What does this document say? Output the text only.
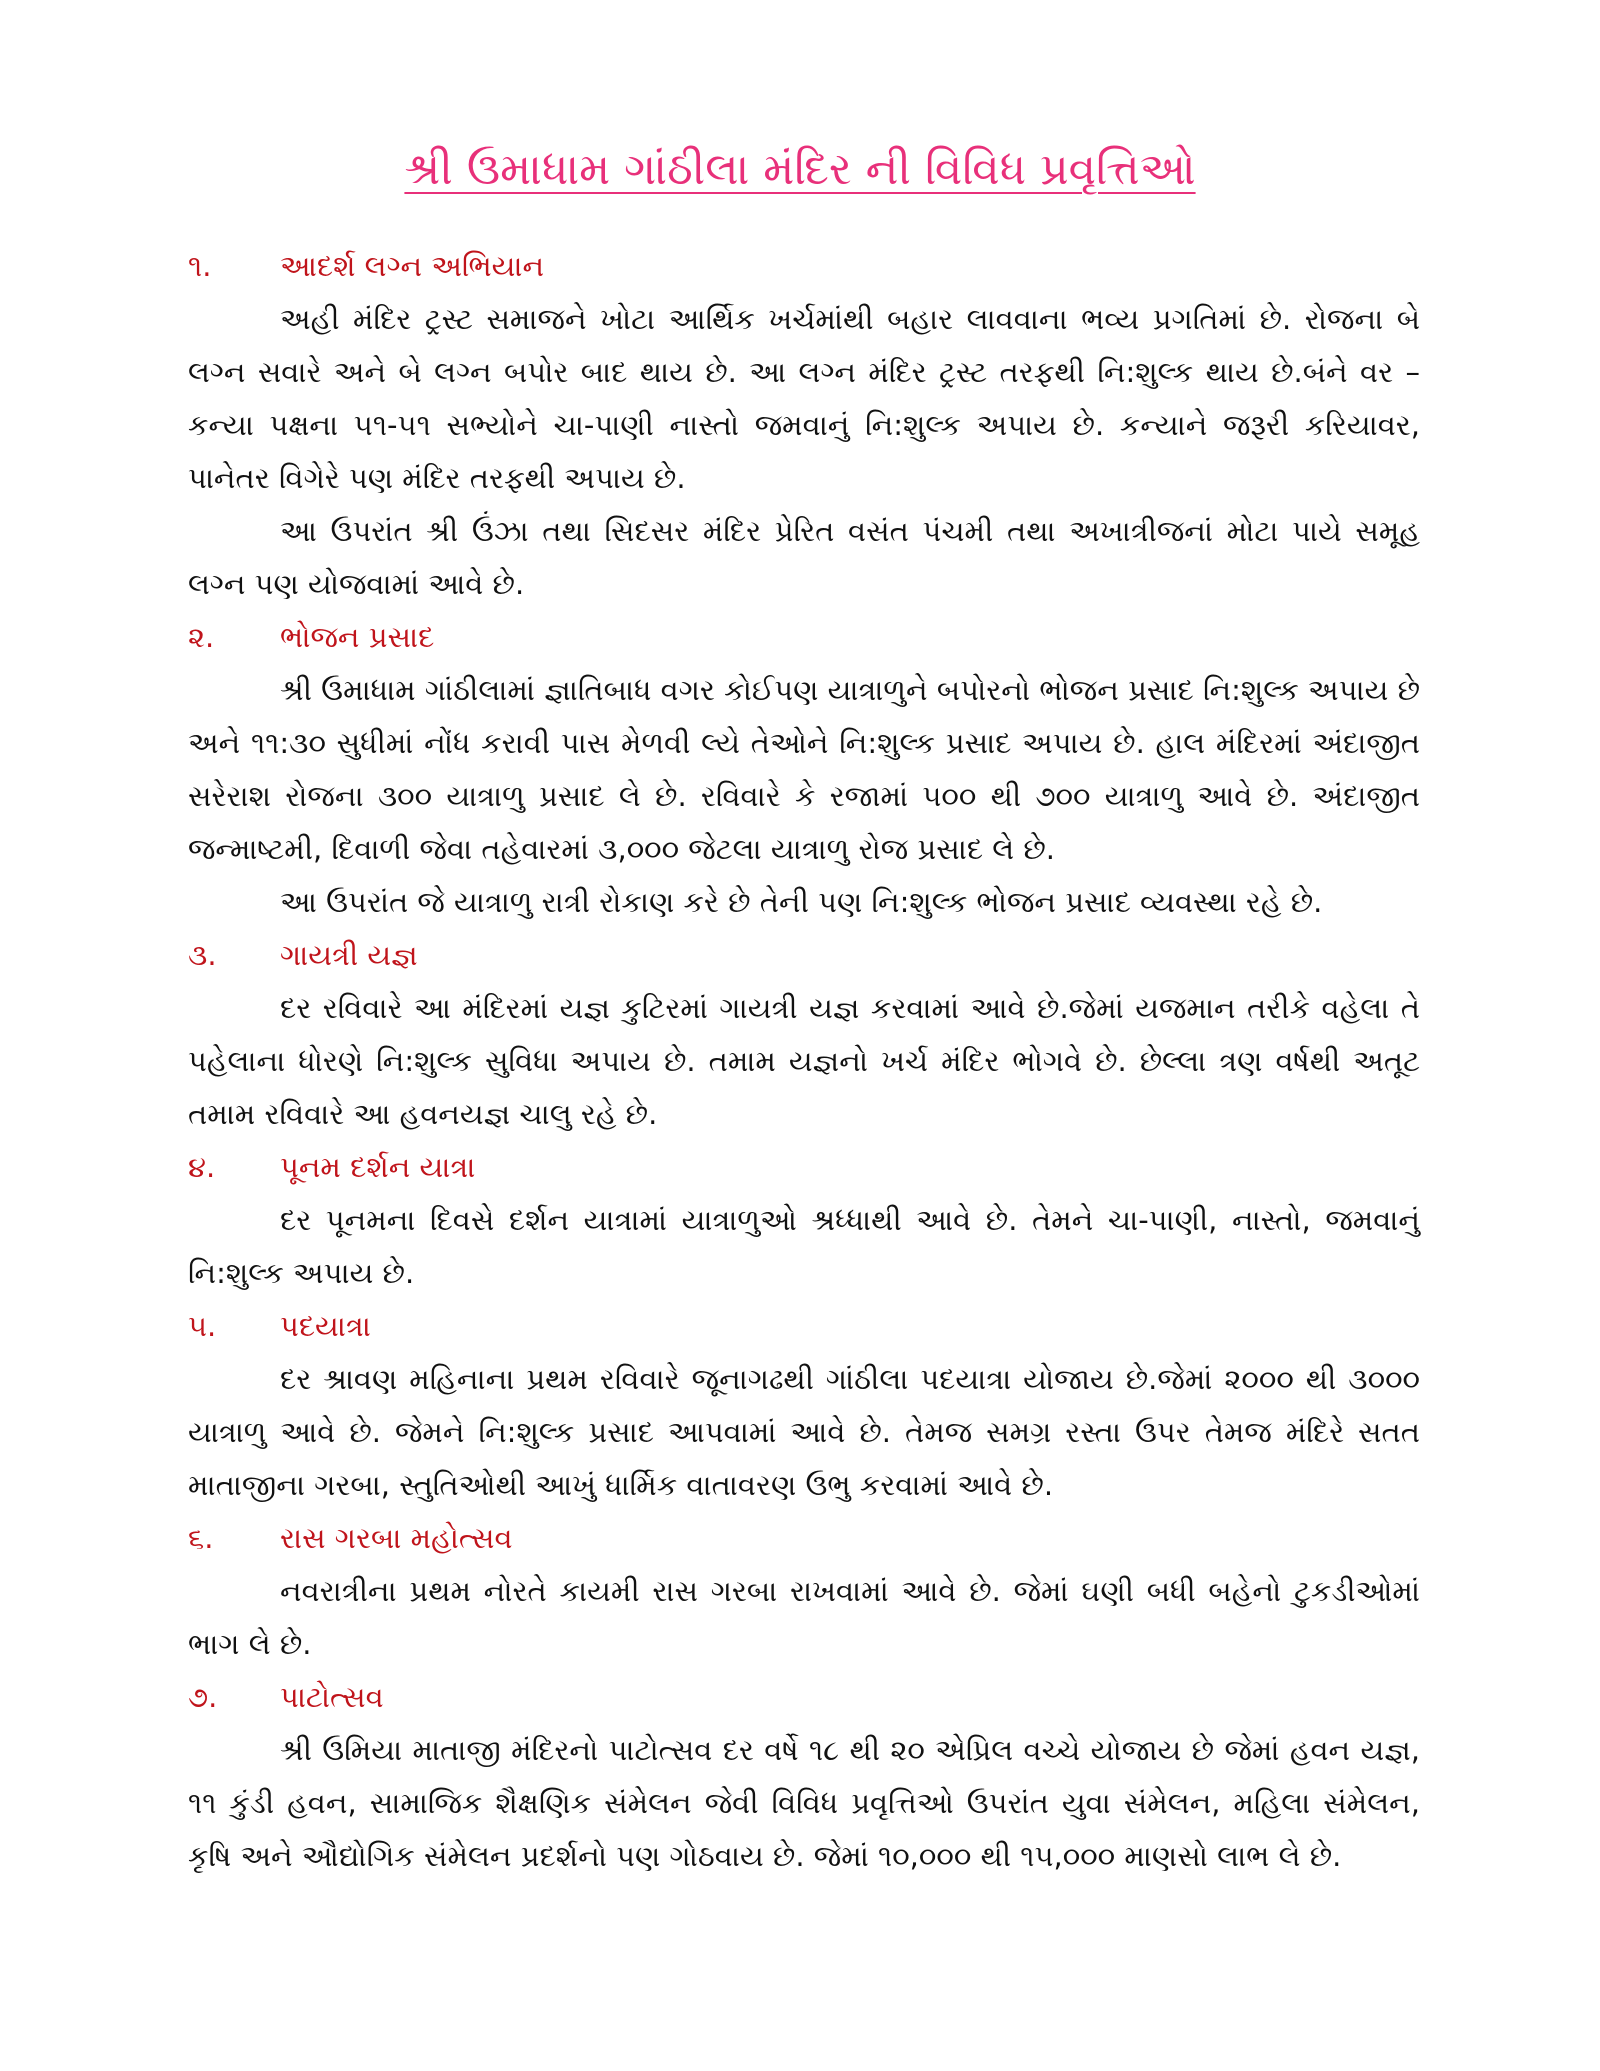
શ્રી ઉમાધામ ગાંઠીલા મંદિર ની વિવિધ પ્રવૃત્તિઓ
૧.	આદર્શ લગ્ન અભિયાન

અહી મંદિર ટ્રસ્ટ સમાજને ખોટા આર્થિક ખર્ચમાંથી બહાર લાવવાના ભવ્ય પ્રગતિમાં છે. રોજના બે લગ્ન સવારે અને બે લગ્ન બપોર બાદ થાય છે. આ લગ્ન મંદિર ટ્રસ્ટ તરફથી નિ:શુલ્ક થાય છે.બંને વર – કન્યા પક્ષના ૫૧-૫૧ સભ્યોને ચા-પાણી નાસ્તો જમવાનું નિ:શુલ્ક અપાય છે. કન્યાને જરૂરી કરિયાવર, પાનેતર વિગેરે પણ મંદિર તરફથી અપાય છે.

આ ઉપરાંત શ્રી ઉંઝા તથા સિદસર મંદિર પ્રેરિત વસંત પંચમી તથા અખાત્રીજનાં મોટા પાયે સમૂહ લગ્ન પણ યોજવામાં આવે છે.

૨.	ભોજન પ્રસાદ

શ્રી ઉમાધામ ગાંઠીલામાં જ્ઞાતિબાધ વગર કોઈપણ યાત્રાળુને બપોરનો ભોજન પ્રસાદ નિ:શુલ્ક અપાય છે અને ૧૧:૩૦ સુધીમાં નોંધ કરાવી પાસ મેળવી લ્યે તેઓને નિ:શુલ્ક પ્રસાદ અપાય છે. હાલ મંદિરમાં અંદાજીત સરેરાશ રોજના ૩૦૦ યાત્રાળુ પ્રસાદ લે છે. રવિવારે કે રજામાં ૫૦૦ થી ૭૦૦ યાત્રાળુ આવે છે. અંદાજીત જન્માષ્ટમી, દિવાળી જેવા તહેવારમાં ૩,૦૦૦ જેટલા યાત્રાળુ રોજ પ્રસાદ લે છે.

આ ઉપરાંત જે યાત્રાળુ રાત્રી રોકાણ કરે છે તેની પણ નિ:શુલ્ક ભોજન પ્રસાદ વ્યવસ્થા રહે છે.

૩.	ગાયત્રી યજ્ઞ

દર રવિવારે આ મંદિરમાં યજ્ઞ કુટિરમાં ગાયત્રી યજ્ઞ કરવામાં આવે છે.જેમાં યજમાન તરીકે વહેલા તે પહેલાના ધોરણે નિ:શુલ્ક સુવિધા અપાય છે. તમામ યજ્ઞનો ખર્ચ મંદિર ભોગવે છે. છેલ્લા ત્રણ વર્ષથી અતૂટ તમામ રવિવારે આ હવનયજ્ઞ ચાલુ રહે છે.

૪.	પૂનમ દર્શન યાત્રા

દર પૂનમના દિવસે દર્શન યાત્રામાં યાત્રાળુઓ શ્રધ્ધાથી આવે છે. તેમને ચા-પાણી, નાસ્તો, જમવાનું નિ:શુલ્ક અપાય છે.

૫.	પદયાત્રા

દર શ્રાવણ મહિનાના પ્રથમ રવિવારે જૂનાગઢથી ગાંઠીલા પદયાત્રા યોજાય છે.જેમાં ૨૦૦૦ થી ૩૦૦૦ યાત્રાળુ આવે છે. જેમને નિ:શુલ્ક પ્રસાદ આપવામાં આવે છે. તેમજ સમગ્ર રસ્તા ઉપર તેમજ મંદિરે સતત માતાજીના ગરબા, સ્તુતિઓથી આખું ધાર્મિક વાતાવરણ ઉભુ કરવામાં આવે છે.

૬.	રાસ ગરબા મહોત્સવ

નવરાત્રીના પ્રથમ નોરતે કાયમી રાસ ગરબા રાખવામાં આવે છે. જેમાં ઘણી બધી બહેનો ટુકડીઓમાં ભાગ લે છે.

૭.	પાટોત્સવ

શ્રી ઉમિયા માતાજી મંદિરનો પાટોત્સવ દર વર્ષે ૧૮ થી ૨૦ એપ્રિલ વચ્ચે યોજાય છે જેમાં હવન યજ્ઞ, ૧૧ કુંડી હવન, સામાજિક શૈક્ષણિક સંમેલન જેવી વિવિધ પ્રવૃત્તિઓ ઉપરાંત યુવા સંમેલન, મહિલા સંમેલન, કૃષિ અને ઔદ્યોગિક સંમેલન પ્રદર્શનો પણ ગોઠવાય છે. જેમાં ૧૦,૦૦૦ થી ૧૫,૦૦૦ માણસો લાભ લે છે.
